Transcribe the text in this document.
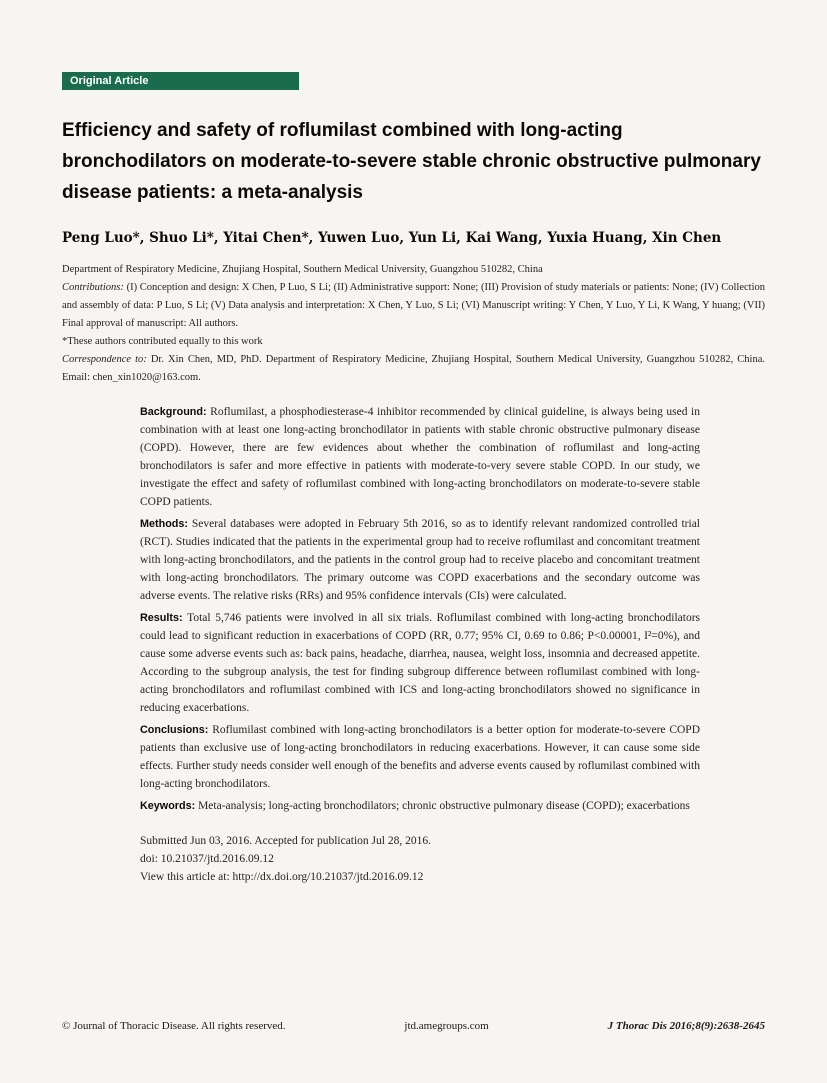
Original Article
Efficiency and safety of roflumilast combined with long-acting bronchodilators on moderate-to-severe stable chronic obstructive pulmonary disease patients: a meta-analysis

Peng Luo*, Shuo Li*, Yitai Chen*, Yuwen Luo, Yun Li, Kai Wang, Yuxia Huang, Xin Chen

Department of Respiratory Medicine, Zhujiang Hospital, Southern Medical University, Guangzhou 510282, China

Contributions: (I) Conception and design: X Chen, P Luo, S Li; (II) Administrative support: None; (III) Provision of study materials or patients: None; (IV) Collection and assembly of data: P Luo, S Li; (V) Data analysis and interpretation: X Chen, Y Luo, S Li; (VI) Manuscript writing: Y Chen, Y Luo, Y Li, K Wang, Y huang; (VII) Final approval of manuscript: All authors.

*These authors contributed equally to this work

Correspondence to: Dr. Xin Chen, MD, PhD. Department of Respiratory Medicine, Zhujiang Hospital, Southern Medical University, Guangzhou 510282, China. Email: chen_xin1020@163.com.

Background: Roflumilast, a phosphodiesterase-4 inhibitor recommended by clinical guideline, is always being used in combination with at least one long-acting bronchodilator in patients with stable chronic obstructive pulmonary disease (COPD). However, there are few evidences about whether the combination of roflumilast and long-acting bronchodilators is safer and more effective in patients with moderate-to-very severe stable COPD. In our study, we investigate the effect and safety of roflumilast combined with long-acting bronchodilators on moderate-to-severe stable COPD patients.

Methods: Several databases were adopted in February 5th 2016, so as to identify relevant randomized controlled trial (RCT). Studies indicated that the patients in the experimental group had to receive roflumilast and concomitant treatment with long-acting bronchodilators, and the patients in the control group had to receive placebo and concomitant treatment with long-acting bronchodilators. The primary outcome was COPD exacerbations and the secondary outcome was adverse events. The relative risks (RRs) and 95% confidence intervals (CIs) were calculated.

Results: Total 5,746 patients were involved in all six trials. Roflumilast combined with long-acting bronchodilators could lead to significant reduction in exacerbations of COPD (RR, 0.77; 95% CI, 0.69 to 0.86; P<0.00001, I²=0%), and cause some adverse events such as: back pains, headache, diarrhea, nausea, weight loss, insomnia and decreased appetite. According to the subgroup analysis, the test for finding subgroup difference between roflumilast combined with long-acting bronchodilators and roflumilast combined with ICS and long-acting bronchodilators showed no significance in reducing exacerbations.

Conclusions: Roflumilast combined with long-acting bronchodilators is a better option for moderate-to-severe COPD patients than exclusive use of long-acting bronchodilators in reducing exacerbations. However, it can cause some side effects. Further study needs consider well enough of the benefits and adverse events caused by roflumilast combined with long-acting bronchodilators.

Keywords: Meta-analysis; long-acting bronchodilators; chronic obstructive pulmonary disease (COPD); exacerbations

Submitted Jun 03, 2016. Accepted for publication Jul 28, 2016.

doi: 10.21037/jtd.2016.09.12

View this article at: http://dx.doi.org/10.21037/jtd.2016.09.12

© Journal of Thoracic Disease. All rights reserved.	jtd.amegroups.com	J Thorac Dis 2016;8(9):2638-2645
